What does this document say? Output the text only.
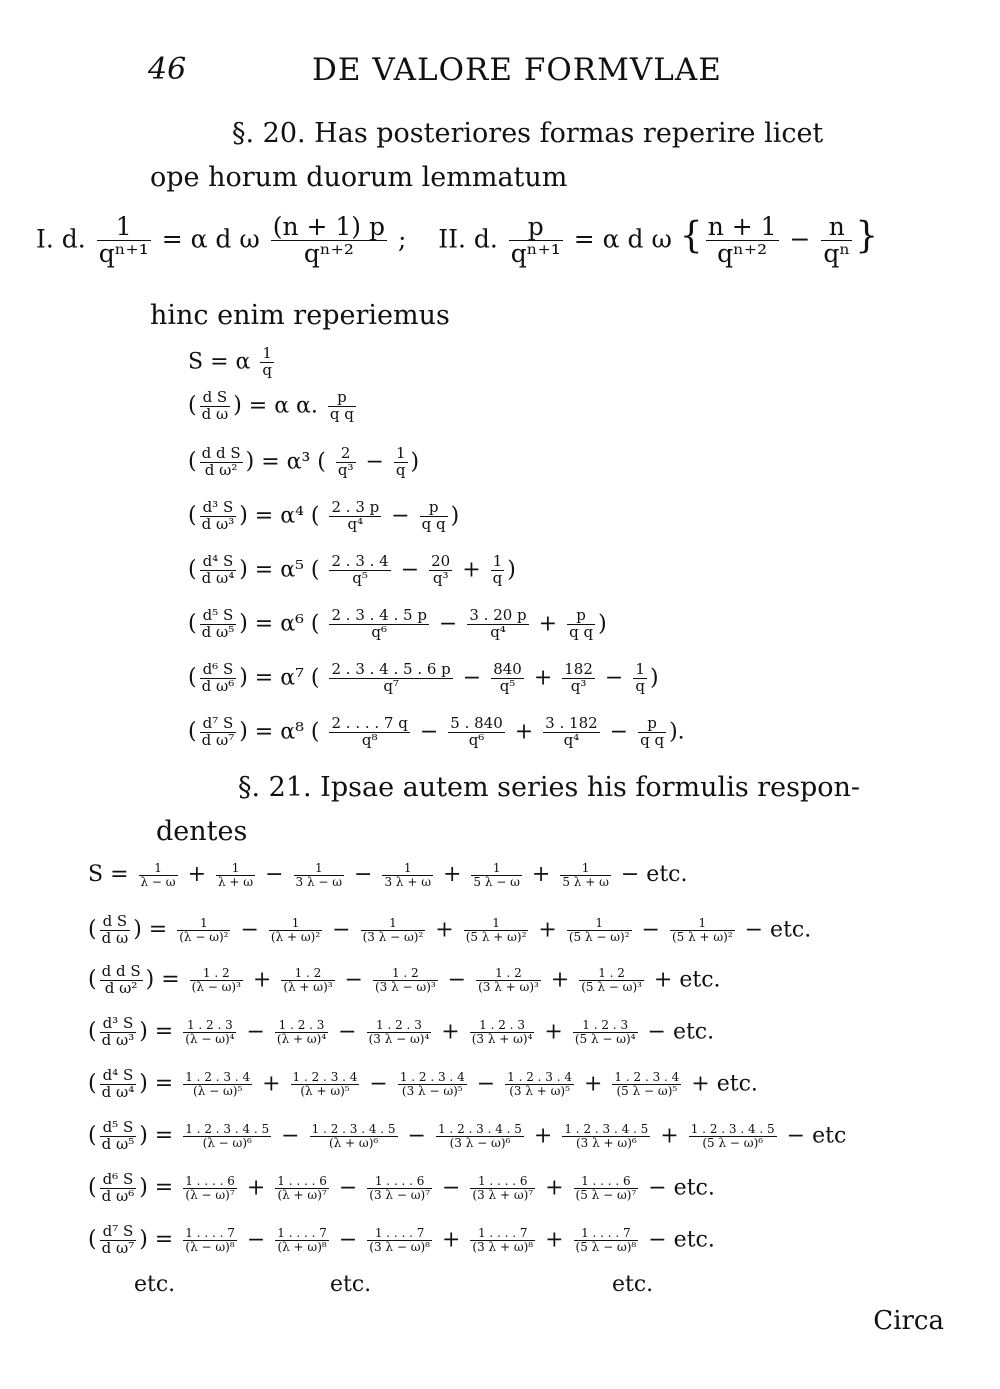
46	DE VALORE FORMVLAE
§. 20. Has posteriores formas reperire licet
ope horum duorum lemmatum
I. d. $\frac{1}{\text{qⁿ⁺¹}} = \alpha$ d ω $\frac{(n + 1) p}{\text{qⁿ⁺²}}$ ; II. d. $\frac{p}{\text{qⁿ⁺¹}} = \alpha$ d ω { $\frac{n + 1}{\text{qⁿ⁺²}} - \frac{n}{\text{qⁿ}}$ }
hinc enim reperiemus
S = α $\frac{1}{q}$
( $\frac{\text{d S}}{\text{d ω}}$ ) = α α. $\frac{p}{\text{q q}}$
( $\frac{\text{d d S}}{\text{d ω²}}$ ) = α³ ( $\frac{2}{\text{q³}} - \frac{1}{q}$ )
( $\frac{\text{d³ S}}{\text{d ω³}}$ ) = α⁴ ( $\frac{2 . 3 p}{\text{q⁴}} - \frac{p}{\text{q q}}$ )
( $\frac{\text{d⁴ S}}{\text{d ω⁴}}$ ) = α⁵ ( $\frac{2 . 3 . 4}{\text{q⁵}} - \frac{20}{\text{q³}} + \frac{1}{q}$ )
( $\frac{\text{d⁵ S}}{\text{d ω⁵}}$ ) = α⁶ ( $\frac{2 . 3 . 4 . 5 p}{\text{q⁶}} - \frac{3 . 20 p}{\text{q⁴}} + \frac{p}{\text{q q}}$ )
( $\frac{\text{d⁶ S}}{\text{d ω⁶}}$ ) = α⁷ ( $\frac{2 . 3 . 4 . 5 . 6 p}{\text{q⁷}} - \frac{840}{\text{q⁵}} + \frac{182}{\text{q³}} - \frac{1}{q}$ )
( $\frac{\text{d⁷ S}}{\text{d ω⁷}}$ ) = α⁸ ( $\frac{2 . . . . 7 q}{\text{q⁸}} - \frac{5 . 840}{\text{q⁶}} + \frac{3 . 182}{\text{q⁴}} - \frac{p}{\text{q q}}$ ).
§. 21. Ipsae autem series his formulis respon-
dentes
$S = \frac{1}{\lambda - \omega} + \frac{1}{\lambda + \omega} - \frac{1}{3 \lambda - \omega} - \frac{1}{3 \lambda + \omega} + \frac{1}{5 \lambda - \omega} + \frac{1}{5 \lambda + \omega}$ − etc.
( $\frac{\text{d S}}{\text{d ω}}$ ) = $\frac{1}{\text{(λ − ω)²}} - \frac{1}{\text{(λ + ω)²}} - \frac{1}{\text{(3 λ − ω)²}} + \frac{1}{\text{(5 λ + ω)²}} + \frac{1}{\text{(5 λ − ω)²}} - \frac{1}{\text{(5 λ + ω)²}}$ − etc.
( $\frac{\text{d d S}}{\text{d ω²}}$ ) = $\frac{1 . 2}{\text{(λ − ω)³}} + \frac{1 . 2}{\text{(λ + ω)³}} - \frac{1 . 2}{\text{(3 λ − ω)³}} - \frac{1 . 2}{\text{(3 λ + ω)³}} + \frac{1 . 2}{\text{(5 λ − ω)³}}$ + etc.
( $\frac{\text{d³ S}}{\text{d ω³}}$ ) = $\frac{1 . 2 . 3}{\text{(λ − ω)⁴}} - \frac{1 . 2 . 3}{\text{(λ + ω)⁴}} - \frac{1 . 2 . 3}{\text{(3 λ − ω)⁴}} + \frac{1 . 2 . 3}{\text{(3 λ + ω)⁴}} + \frac{1 . 2 . 3}{\text{(5 λ − ω)⁴}}$ − etc.
( $\frac{\text{d⁴ S}}{\text{d ω⁴}}$ ) = $\frac{1 . 2 . 3 . 4}{\text{(λ − ω)⁵}} + \frac{1 . 2 . 3 . 4}{\text{(λ + ω)⁵}} - \frac{1 . 2 . 3 . 4}{\text{(3 λ − ω)⁵}} - \frac{1 . 2 . 3 . 4}{\text{(3 λ + ω)⁵}} + \frac{1 . 2 . 3 . 4}{\text{(5 λ − ω)⁵}}$ + etc.
( $\frac{\text{d⁵ S}}{\text{d ω⁵}}$ ) = $\frac{1 . 2 . 3 . 4 . 5}{\text{(λ − ω)⁶}} - \frac{1 . 2 . 3 . 4 . 5}{\text{(λ + ω)⁶}} - \frac{1 . 2 . 3 . 4 . 5}{\text{(3 λ − ω)⁶}} + \frac{1 . 2 . 3 . 4 . 5}{\text{(3 λ + ω)⁶}} + \frac{1 . 2 . 3 . 4 . 5}{\text{(5 λ − ω)⁶}}$ − etc
( $\frac{\text{d⁶ S}}{\text{d ω⁶}}$ ) = $\frac{1 . . . . 6}{\text{(λ − ω)⁷}} + \frac{1 . . . . 6}{\text{(λ + ω)⁷}} - \frac{1 . . . . 6}{\text{(3 λ − ω)⁷}} - \frac{1 . . . . 6}{\text{(3 λ + ω)⁷}} + \frac{1 . . . . 6}{\text{(5 λ − ω)⁷}}$ − etc.
( $\frac{\text{d⁷ S}}{\text{d ω⁷}}$ ) = $\frac{1 . . . . 7}{\text{(λ − ω)⁸}} - \frac{1 . . . . 7}{\text{(λ + ω)⁸}} - \frac{1 . . . . 7}{\text{(3 λ − ω)⁸}} + \frac{1 . . . . 7}{\text{(3 λ + ω)⁸}} + \frac{1 . . . . 7}{\text{(5 λ − ω)⁸}}$ − etc.
etc.	etc.	etc.
Circa
